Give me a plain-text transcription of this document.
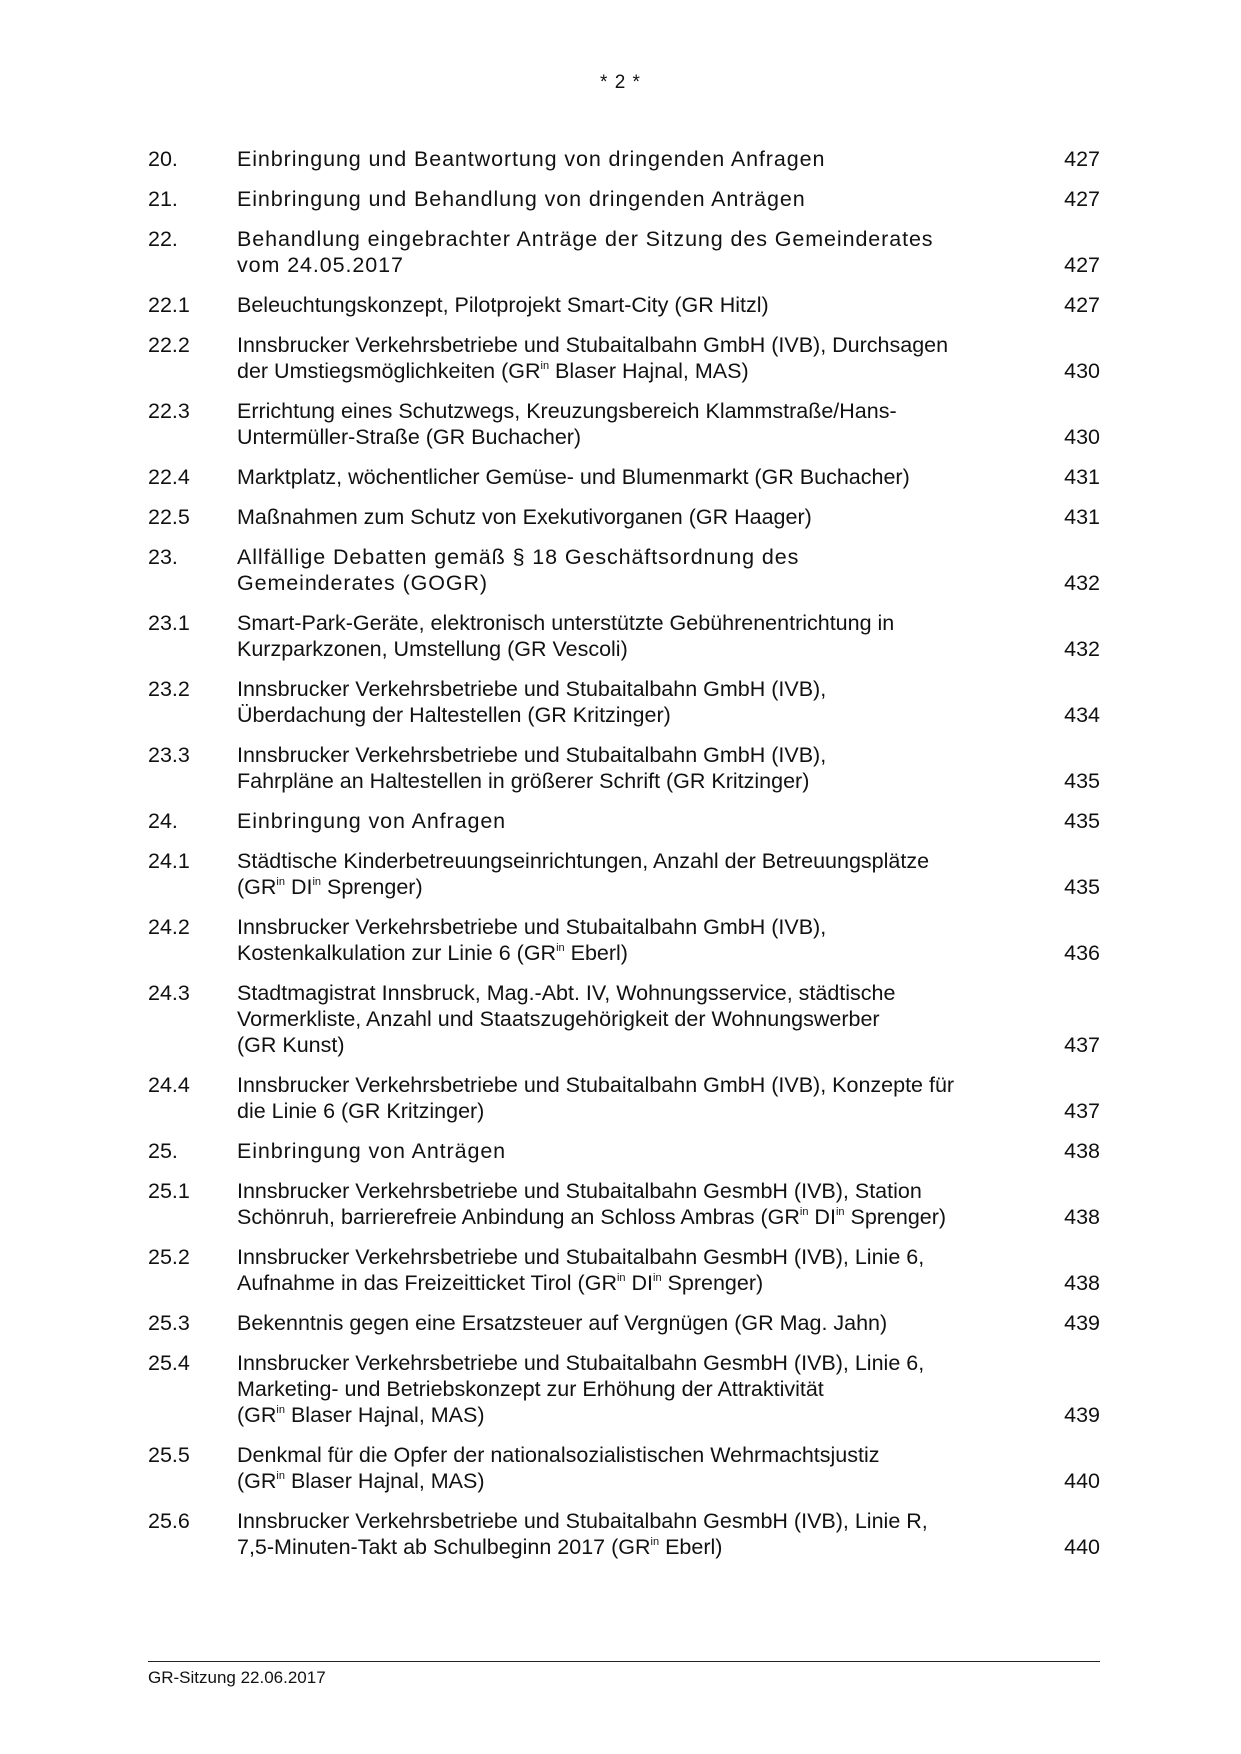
* 2 *
20.	Einbringung und Beantwortung von dringenden Anfragen	427
21.	Einbringung und Behandlung von dringenden Anträgen	427
22.	Behandlung eingebrachter Anträge der Sitzung des Gemeinderates
vom 24.05.2017	427
22.1	Beleuchtungskonzept, Pilotprojekt Smart-City (GR Hitzl)	427
22.2	Innsbrucker Verkehrsbetriebe und Stubaitalbahn GmbH (IVB), Durchsagen
der Umstiegsmöglichkeiten ($GR^{in}$ Blaser Hajnal, MAS)	430
22.3	Errichtung eines Schutzwegs, Kreuzungsbereich Klammstraße/Hans-
Untermüller-Straße (GR Buchacher)	430
22.4	Marktplatz, wöchentlicher Gemüse- und Blumenmarkt (GR Buchacher)	431
22.5	Maßnahmen zum Schutz von Exekutivorganen (GR Haager)	431
23.	Allfällige Debatten gemäß § 18 Geschäftsordnung des
Gemeinderates (GOGR)	432
23.1	Smart-Park-Geräte, elektronisch unterstützte Gebührenentrichtung in
Kurzparkzonen, Umstellung (GR Vescoli)	432
23.2	Innsbrucker Verkehrsbetriebe und Stubaitalbahn GmbH (IVB),
Überdachung der Haltestellen (GR Kritzinger)	434
23.3	Innsbrucker Verkehrsbetriebe und Stubaitalbahn GmbH (IVB),
Fahrpläne an Haltestellen in größerer Schrift (GR Kritzinger)	435
24.	Einbringung von Anfragen	435
24.1	Städtische Kinderbetreuungseinrichtungen, Anzahl der Betreuungsplätze
($GR^{in}$ $DI^{in}$ Sprenger)	435
24.2	Innsbrucker Verkehrsbetriebe und Stubaitalbahn GmbH (IVB),
Kostenkalkulation zur Linie 6 ($GR^{in}$ Eberl)	436
24.3	Stadtmagistrat Innsbruck, Mag.-Abt. IV, Wohnungsservice, städtische
Vormerkliste, Anzahl und Staatszugehörigkeit der Wohnungswerber
(GR Kunst)	437
24.4	Innsbrucker Verkehrsbetriebe und Stubaitalbahn GmbH (IVB), Konzepte für
die Linie 6 (GR Kritzinger)	437
25.	Einbringung von Anträgen	438
25.1	Innsbrucker Verkehrsbetriebe und Stubaitalbahn GesmbH (IVB), Station
Schönruh, barrierefreie Anbindung an Schloss Ambras ($GR^{in}$ $DI^{in}$ Sprenger)	438
25.2	Innsbrucker Verkehrsbetriebe und Stubaitalbahn GesmbH (IVB), Linie 6,
Aufnahme in das Freizeitticket Tirol ($GR^{in}$ $DI^{in}$ Sprenger)	438
25.3	Bekenntnis gegen eine Ersatzsteuer auf Vergnügen (GR Mag. Jahn)	439
25.4	Innsbrucker Verkehrsbetriebe und Stubaitalbahn GesmbH (IVB), Linie 6,
Marketing- und Betriebskonzept zur Erhöhung der Attraktivität
($GR^{in}$ Blaser Hajnal, MAS)	439
25.5	Denkmal für die Opfer der nationalsozialistischen Wehrmachtsjustiz
($GR^{in}$ Blaser Hajnal, MAS)	440
25.6	Innsbrucker Verkehrsbetriebe und Stubaitalbahn GesmbH (IVB), Linie R,
7,5-Minuten-Takt ab Schulbeginn 2017 ($GR^{in}$ Eberl)	440
GR-Sitzung 22.06.2017
